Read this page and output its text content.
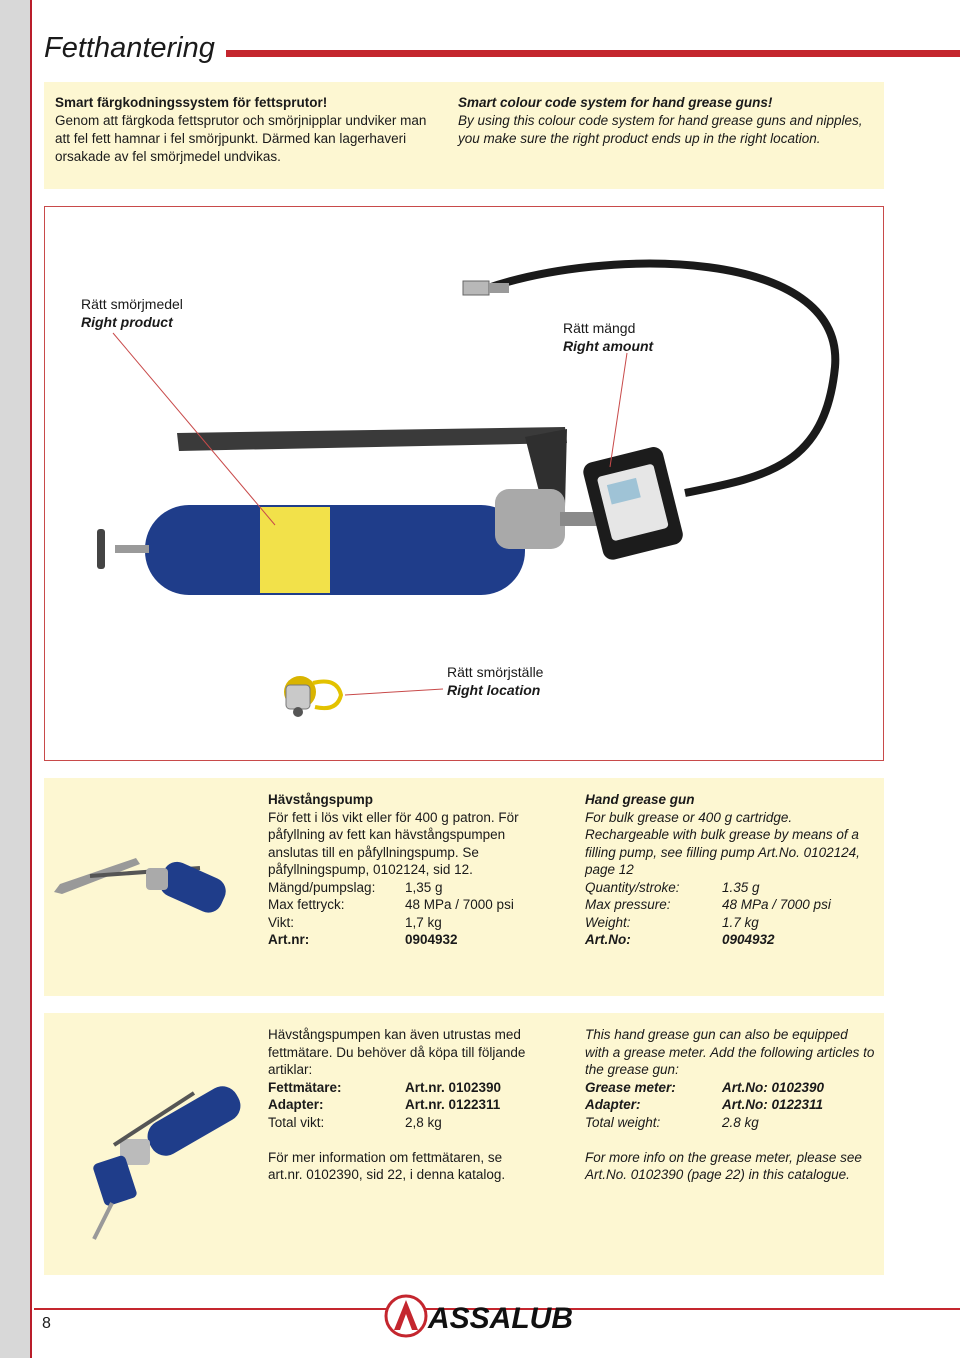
Fetthantering
Smart färgkodningssystem för fettsprutor!
Genom att färgkoda fettsprutor och smörjnipplar undviker man att fel fett hamnar i fel smörjpunkt. Därmed kan lagerhaveri orsakade av fel smörjmedel undvikas.
Smart colour code system for hand grease guns!
By using this colour code system for hand grease guns and nipples, you make sure the right product ends up in the right location.
Rätt smörjmedel
Right product	Rätt mängd
Right amount
Rätt smörjställe
Right location
Hävstångspump
För fett i lös vikt eller för 400 g patron. För påfyllning av fett kan hävstångspumpen anslutas till en påfyllningspump. Se påfyllningspump, 0102124, sid 12.
Mängd/pumpslag:	1,35 g
Max fettryck:	48 MPa / 7000 psi
Vikt:	1,7 kg
Art.nr:	0904932
Hand grease gun
For bulk grease or 400 g cartridge. Rechargeable with bulk grease by means of a filling pump, see filling pump Art.No. 0102124, page 12
Quantity/stroke:	1.35 g
Max pressure:	48 MPa / 7000 psi
Weight:	1.7 kg
Art.No:	0904932
Hävstångspumpen kan även utrustas med fettmätare. Du behöver då köpa till följande artiklar:
Fettmätare:	Art.nr. 0102390
Adapter:	Art.nr. 0122311
Total vikt:	2,8 kg
För mer information om fettmätaren, se art.nr. 0102390, sid 22, i denna katalog.
This hand grease gun can also be equipped with a grease meter. Add the following articles to the grease gun:
Grease meter:	Art.No: 0102390
Adapter:	Art.No: 0122311
Total weight:	2.8 kg
For more info on the grease meter, please see Art.No. 0102390 (page 22) in this catalogue.
8	ASSALUB
